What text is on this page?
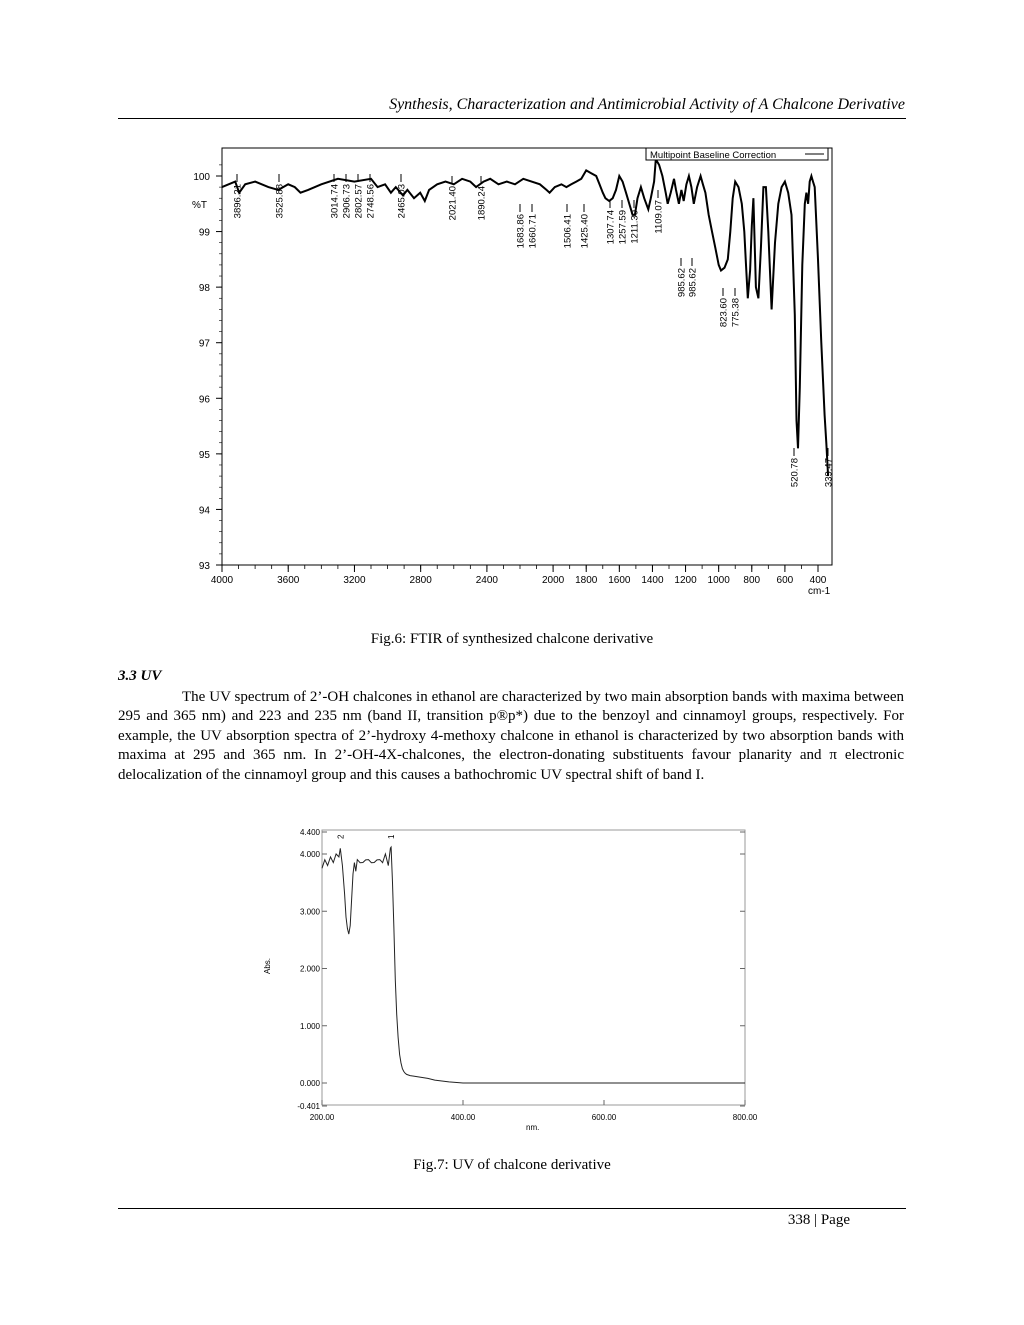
Synthesis, Characterization and Antimicrobial Activity of A Chalcone Derivative
4000	3600	3200	2800	2400	2000 1800 1600 1400 1200 1000 800 600 400
100
99
98
97
96
95
94
93
3896.21	3525.88	3014.74 2906.73 2802.57 2748.56 2465.03	2021.40 1890.24
1683.86 1660.71	1506.41 1425.40 1307.74 1257.59 1211.30 1109.07
985.62 985.62
823.60 775.38
520.78 339.47
Multipoint Baseline Correction
%T
cm-1
200.00	400.00	600.00	800.00
4.400
4.000
3.000
2.000
1.000
0.000
-0.401
2	1
Abs.
nm.
Fig.6: FTIR of synthesized chalcone derivative
3.3 UV

The UV spectrum of 2’-OH chalcones in ethanol are characterized by two main absorption bands with maxima between 295 and 365 nm) and 223 and 235 nm (band II, transition p®p*) due to the benzoyl and cinnamoyl groups, respectively. For example, the UV absorption spectra of 2’-hydroxy 4-methoxy chalcone in ethanol is characterized by two absorption bands with maxima at 295 and 365 nm. In 2’-OH-4X-chalcones, the electron-donating substituents favour planarity and π electronic delocalization of the cinnamoyl group and this causes a bathochromic UV spectral shift of band I.

Fig.7: UV of chalcone derivative
338 | Page
